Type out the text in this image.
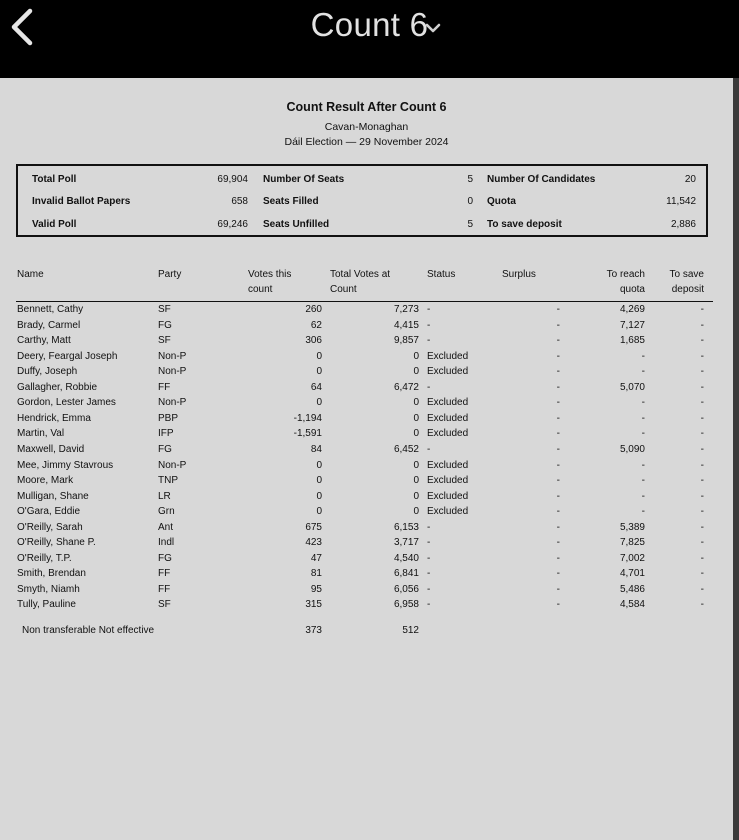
Count 6
Count Result After Count 6
Cavan-Monaghan
Dáil Election — 29 November 2024
Total Poll	69,904
Invalid Ballot Papers	658
Valid Poll	69,246
Number Of Seats	5
Seats Filled	0
Seats Unfilled	5
Number Of Candidates	20
Quota	11,542
To save deposit	2,886
Name	Party	Votes this
count
Total Votes at
Count
Status	Surplus	To reach
quota
To save
deposit
Bennett, Cathy	SF	260	7,273 -	-	4,269	-
Brady, Carmel	FG	62	4,415 -	-	7,127	-
Carthy, Matt	SF	306	9,857 -	-	1,685	-
Deery, Feargal Joseph	Non-P	0	0 Excluded	-	-	-
Duffy, Joseph	Non-P	0	0 Excluded	-	-	-
Gallagher, Robbie	FF	64	6,472 -	-	5,070	-
Gordon, Lester James	Non-P	0	0 Excluded	-	-	-
Hendrick, Emma	PBP	-1,194	0 Excluded	-	-	-
Martin, Val	IFP	-1,591	0 Excluded	-	-	-
Maxwell, David	FG	84	6,452 -	-	5,090	-
Mee, Jimmy Stavrous	Non-P	0	0 Excluded	-	-	-
Moore, Mark	TNP	0	0 Excluded	-	-	-
Mulligan, Shane	LR	0	0 Excluded	-	-	-
O'Gara, Eddie	Grn	0	0 Excluded	-	-	-
O'Reilly, Sarah	Ant	675	6,153 -	-	5,389	-
O'Reilly, Shane P.	Indl	423	3,717 -	-	7,825	-
O'Reilly, T.P.	FG	47	4,540 -	-	7,002	-
Smith, Brendan	FF	81	6,841 -	-	4,701	-
Smyth, Niamh	FF	95	6,056 -	-	5,486	-
Tully, Pauline	SF	315	6,958 -	-	4,584	-
Non transferable Not effective	373	512
